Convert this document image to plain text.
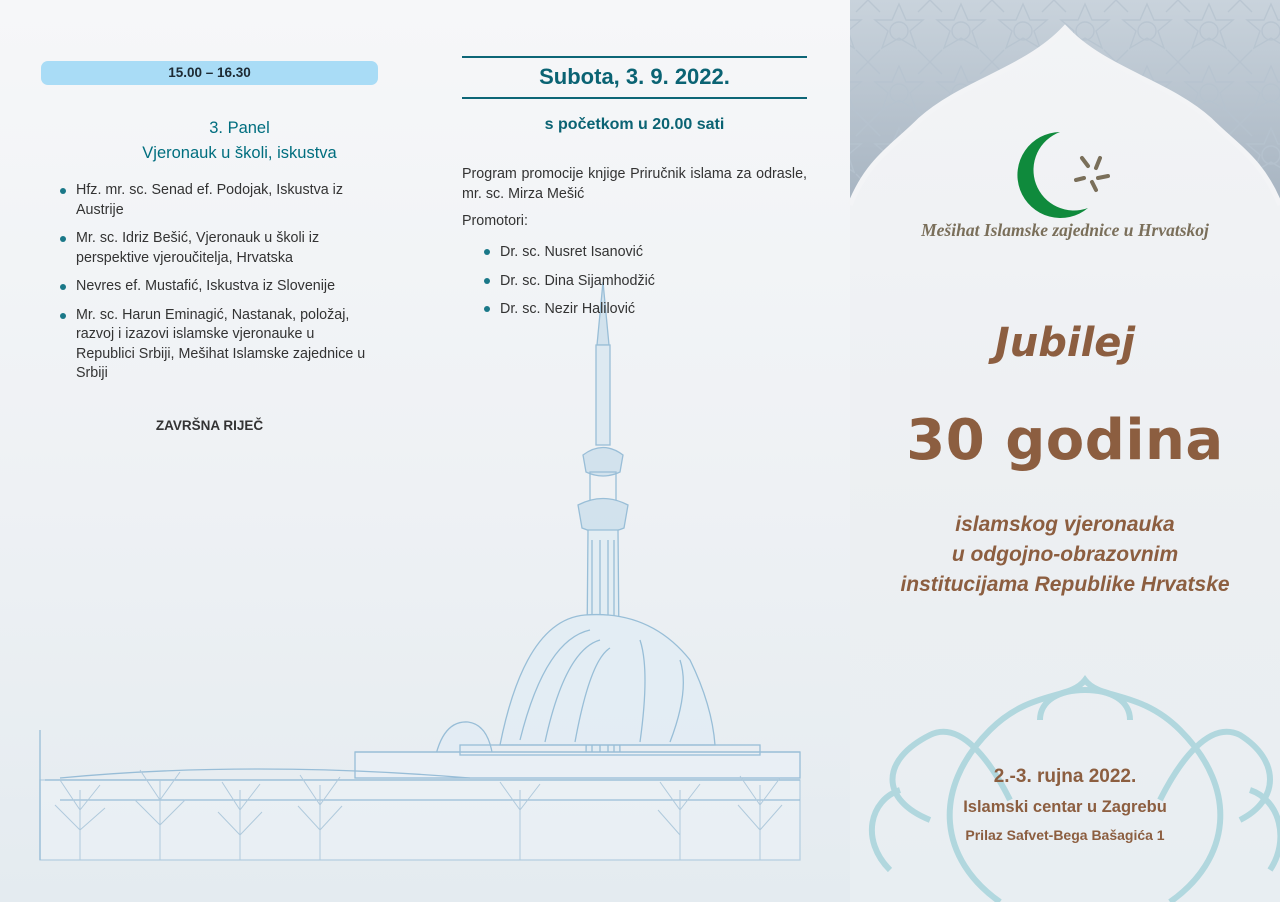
15.00 – 16.30
3. Panel
Vjeronauk u školi, iskustva
Hfz. mr. sc. Senad ef. Podojak, Iskustva iz Austrije
Mr. sc. Idriz Bešić, Vjeronauk u školi iz perspektive vjeroučitelja, Hrvatska
Nevres ef. Mustafić, Iskustva iz Slovenije
Mr. sc. Harun Eminagić, Nastanak, položaj, razvoj i izazovi islamske vjeronauke u Republici Srbiji, Mešihat Islamske zajednice u Srbiji
ZAVRŠNA RIJEČ
Subota, 3. 9. 2022.
s početkom u 20.00 sati

Program promocije knjige Priručnik islama za odrasle, mr. sc. Mirza Mešić

Promotori:
Dr. sc. Nusret Isanović
Dr. sc. Dina Sijamhodžić
Dr. sc. Nezir Halilović
Mešihat Islamske zajednice u Hrvatskoj
Jubilej
30 godina
islamskog vjeronauka
u odgojno-obrazovnim
institucijama Republike Hrvatske
2.-3. rujna 2022.
Islamski centar u Zagrebu
Prilaz Safvet-Bega Bašagića 1
